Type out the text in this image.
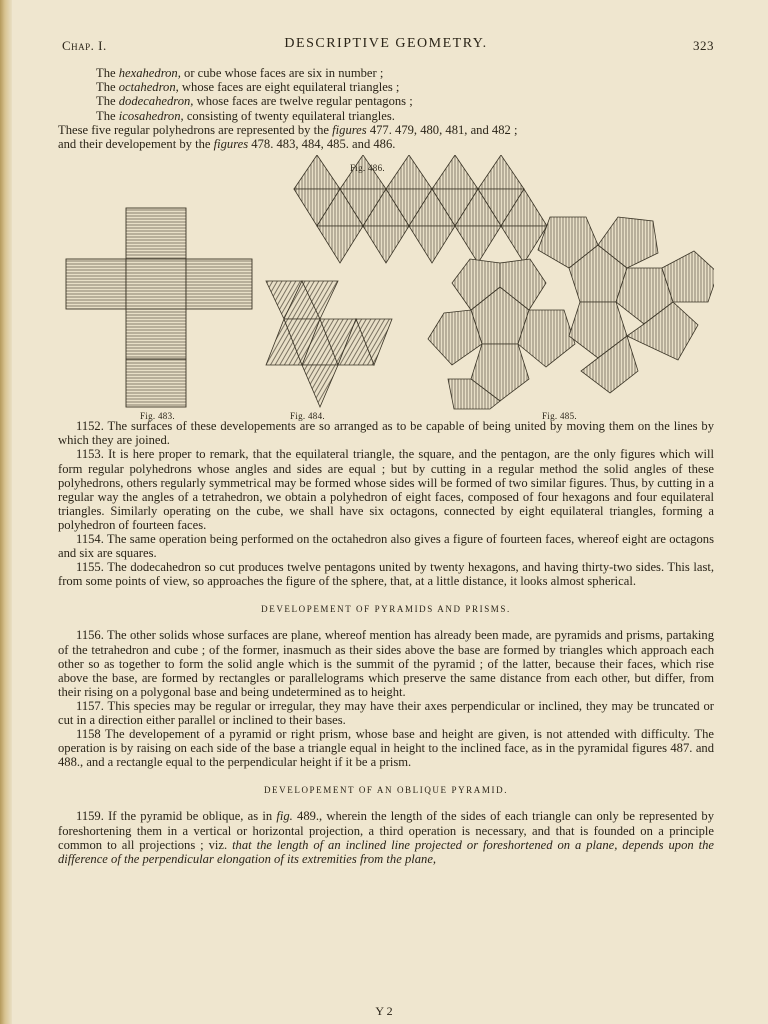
Chap. I.	DESCRIPTIVE GEOMETRY.	323
The hexahedron, or cube whose faces are six in number ;
The octahedron, whose faces are eight equilateral triangles ;
The dodecahedron, whose faces are twelve regular pentagons ;
The icosahedron, consisting of twenty equilateral triangles.
These five regular polyhedrons are represented by the figures 477. 479, 480, 481, and 482 ;
and their developement by the figures 478. 483, 484, 485. and 486.
Fig. 486.
Fig. 483.	Fig. 484.	Fig. 485.

1152. The surfaces of these developements are so arranged as to be capable of being united by moving them on the lines by which they are joined.

1153. It is here proper to remark, that the equilateral triangle, the square, and the pentagon, are the only figures which will form regular polyhedrons whose angles and sides are equal ; but by cutting in a regular method the solid angles of these polyhedrons, others regularly symmetrical may be formed whose sides will be formed of two similar figures. Thus, by cutting in a regular way the angles of a tetrahedron, we obtain a polyhedron of eight faces, composed of four hexagons and four equilateral triangles. Similarly operating on the cube, we shall have six octagons, connected by eight equilateral triangles, forming a polyhedron of fourteen faces.

1154. The same operation being performed on the octahedron also gives a figure of fourteen faces, whereof eight are octagons and six are squares.

1155. The dodecahedron so cut produces twelve pentagons united by twenty hexagons, and having thirty-two sides. This last, from some points of view, so approaches the figure of the sphere, that, at a little distance, it looks almost spherical.

DEVELOPEMENT OF PYRAMIDS AND PRISMS.

1156. The other solids whose surfaces are plane, whereof mention has already been made, are pyramids and prisms, partaking of the tetrahedron and cube ; of the former, inasmuch as their sides above the base are formed by triangles which approach each other so as together to form the solid angle which is the summit of the pyramid ; of the latter, because their faces, which rise above the base, are formed by rectangles or parallelograms which preserve the same distance from each other, but differ, from their rising on a polygonal base and being undetermined as to height.

1157. This species may be regular or irregular, they may have their axes perpendicular or inclined, they may be truncated or cut in a direction either parallel or inclined to their bases.

1158 The developement of a pyramid or right prism, whose base and height are given, is not attended with difficulty. The operation is by raising on each side of the base a triangle equal in height to the inclined face, as in the pyramidal figures 487. and 488., and a rectangle equal to the perpendicular height if it be a prism.

DEVELOPEMENT OF AN OBLIQUE PYRAMID.

1159. If the pyramid be oblique, as in fig. 489., wherein the length of the sides of each triangle can only be represented by foreshortening them in a vertical or horizontal projection, a third operation is necessary, and that is founded on a principle common to all projections ; viz. that the length of an inclined line projected or foreshortened on a plane, depends upon the difference of the perpendicular elongation of its extremities from the plane,

Y 2
